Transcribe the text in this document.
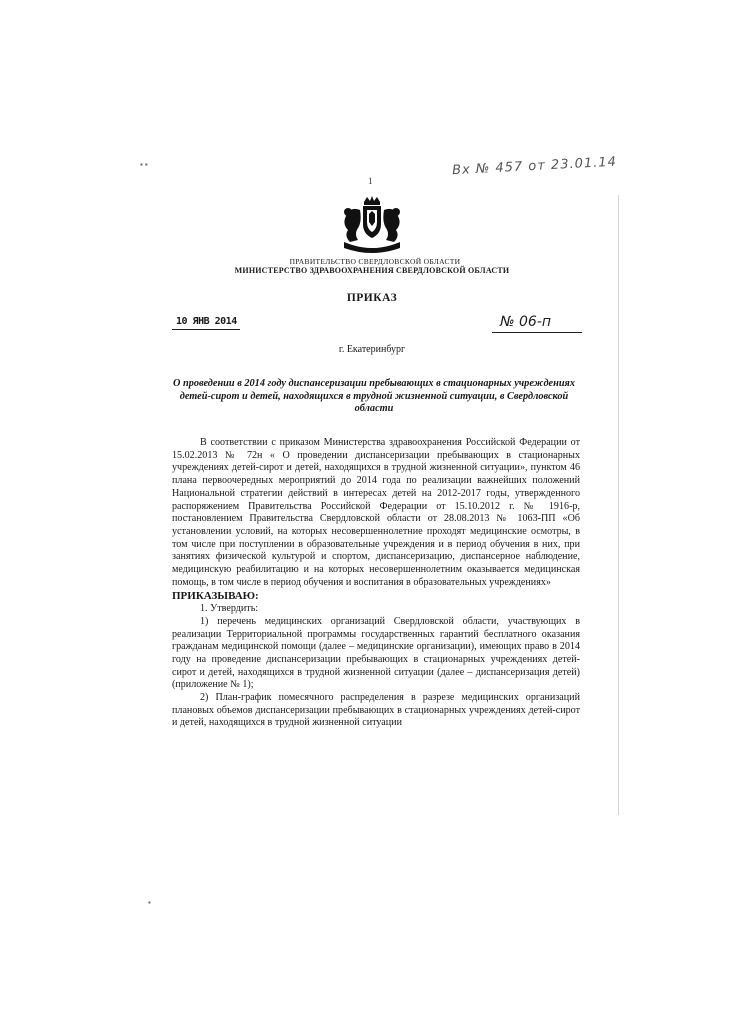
▪ ▪
▪
Вх № 457 от 23.01.14
1
ПРАВИТЕЛЬСТВО СВЕРДЛОВСКОЙ ОБЛАСТИ
МИНИСТЕРСТВО ЗДРАВООХРАНЕНИЯ СВЕРДЛОВСКОЙ ОБЛАСТИ
ПРИКАЗ
10 ЯНВ 2014	№ 06-п
г. Екатеринбург
О проведении в 2014 году диспансеризации пребывающих в стационарных учреждениях детей-сирот и детей, находящихся в трудной жизненной ситуации, в Свердловской области

В соответствии с приказом Министерства здравоохранения Российской Федерации от 15.02.2013 № 72н « О проведении диспансеризации пребывающих в стационарных учреждениях детей-сирот и детей, находящихся в трудной жизненной ситуации», пунктом 46 плана первоочередных мероприятий до 2014 года по реализации важнейших положений Национальной стратегии действий в интересах детей на 2012-2017 годы, утвержденного распоряжением Правительства Российской Федерации от 15.10.2012 г. № 1916-р, постановлением Правительства Свердловской области от 28.08.2013 № 1063-ПП «Об установлении условий, на которых несовершеннолетние проходят медицинские осмотры, в том числе при поступлении в образовательные учреждения и в период обучения в них, при занятиях физической культурой и спортом, диспансеризацию, диспансерное наблюдение, медицинскую реабилитацию и на которых несовершеннолетним оказывается медицинская помощь, в том числе в период обучения и воспитания в образовательных учреждениях»

ПРИКАЗЫВАЮ:

1. Утвердить:

1) перечень медицинских организаций Свердловской области, участвующих в реализации Территориальной программы государственных гарантий бесплатного оказания гражданам медицинской помощи (далее – медицинские организации), имеющих право в 2014 году на проведение диспансеризации пребывающих в стационарных учреждениях детей-сирот и детей, находящихся в трудной жизненной ситуации (далее – диспансеризация детей) (приложение № 1);

2) План-график помесячного распределения в разрезе медицинских организаций плановых объемов диспансеризации пребывающих в стационарных учреждениях детей-сирот и детей, находящихся в трудной жизненной ситуации
